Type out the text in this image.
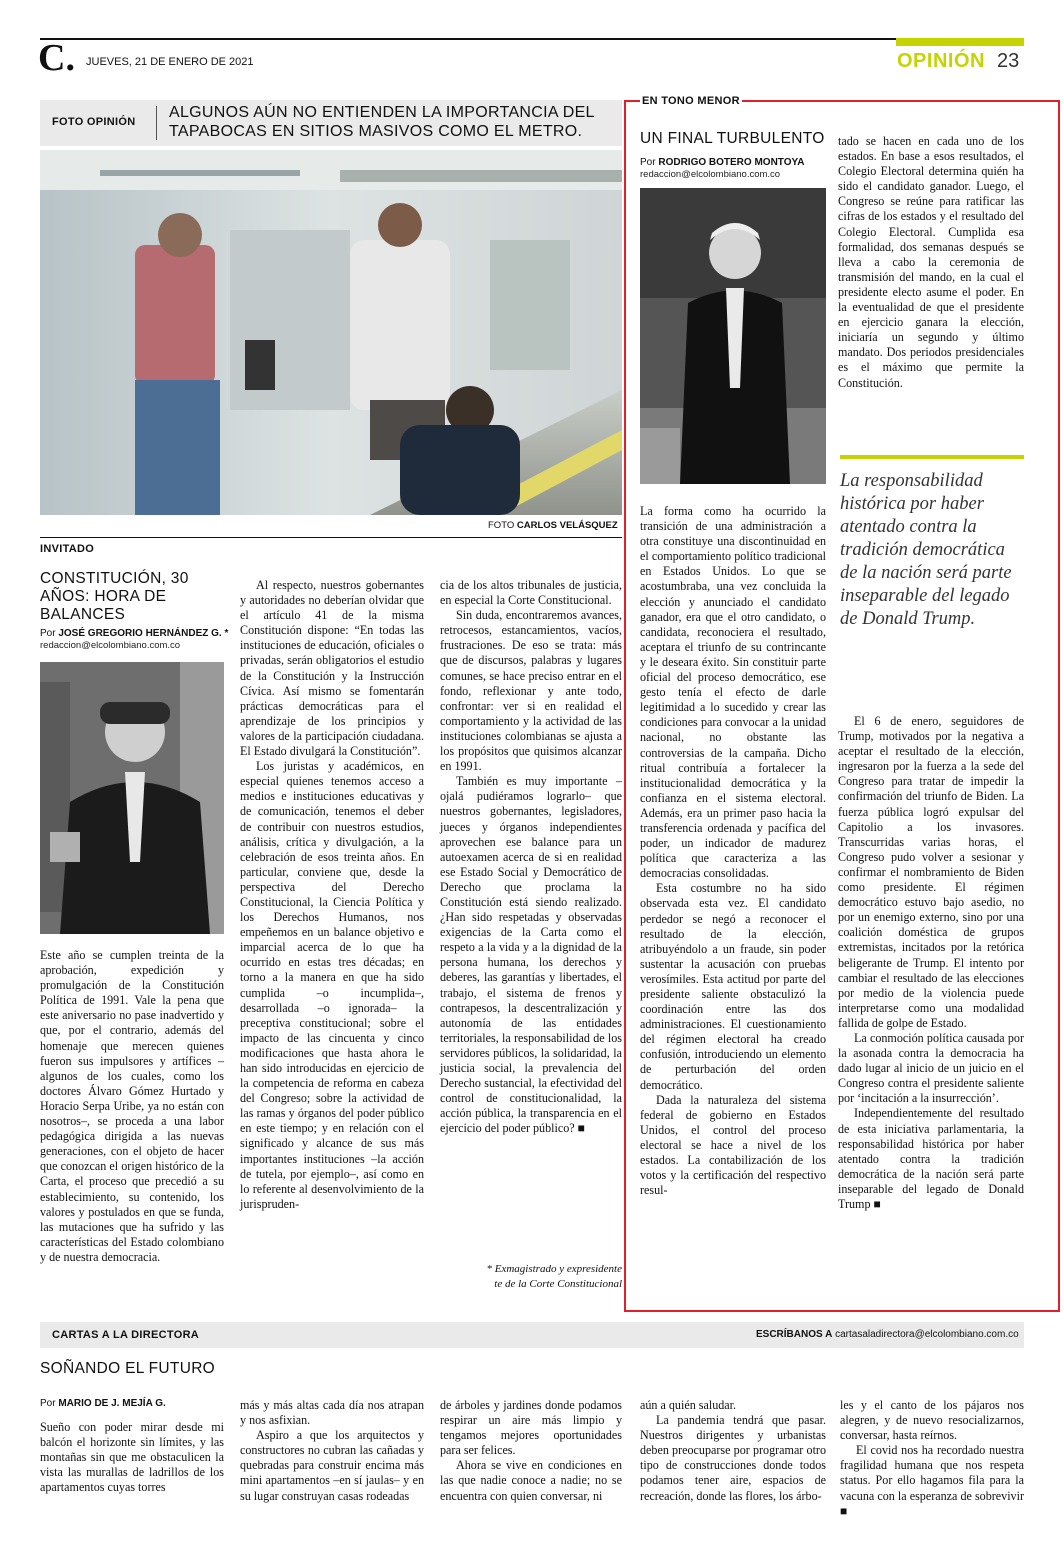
C. JUEVES, 21 DE ENERO DE 2021	OPINIÓN 23
FOTO OPINIÓN
ALGUNOS AÚN NO ENTIENDEN LA IMPORTANCIA DEL
TAPABOCAS EN SITIOS MASIVOS COMO EL METRO.
FOTO CARLOS VELÁSQUEZ
INVITADO
CONSTITUCIÓN, 30
AÑOS: HORA DE
BALANCES
Por JOSÉ GREGORIO HERNÁNDEZ G. *
redaccion@elcolombiano.com.co

Este año se cumplen treinta de la aprobación, expedición y promulgación de la Constitución Política de 1991. Vale la pena que este aniversario no pase inadvertido y que, por el contrario, además del homenaje que merecen quienes fueron sus impulsores y artífices –algunos de los cuales, como los doctores Álvaro Gómez Hurtado y Horacio Serpa Uribe, ya no están con nosotros–, se proceda a una labor pedagógica dirigida a las nuevas generaciones, con el objeto de hacer que conozcan el origen histórico de la Carta, el proceso que precedió a su establecimiento, su contenido, los valores y postulados en que se funda, las mutaciones que ha sufrido y las características del Estado colombiano y de nuestra democracia.

Al respecto, nuestros gobernantes y autoridades no deberían olvidar que el artículo 41 de la misma Constitución dispone: “En todas las instituciones de educación, oficiales o privadas, serán obligatorios el estudio de la Constitución y la Instrucción Cívica. Así mismo se fomentarán prácticas democráticas para el aprendizaje de los principios y valores de la participación ciudadana. El Estado divulgará la Constitución”.

Los juristas y académicos, en especial quienes tenemos acceso a medios e instituciones educativas y de comunicación, tenemos el deber de contribuir con nuestros estudios, análisis, crítica y divulgación, a la celebración de esos treinta años. En particular, conviene que, desde la perspectiva del Derecho Constitucional, la Ciencia Política y los Derechos Humanos, nos empeñemos en un balance objetivo e imparcial acerca de lo que ha ocurrido en estas tres décadas; en torno a la manera en que ha sido cumplida –o incumplida–, desarrollada –o ignorada– la preceptiva constitucional; sobre el impacto de las cincuenta y cinco modificaciones que hasta ahora le han sido introducidas en ejercicio de la competencia de reforma en cabeza del Congreso; sobre la actividad de las ramas y órganos del poder público en este tiempo; y en relación con el significado y alcance de sus más importantes instituciones –la acción de tutela, por ejemplo–, así como en lo referente al desenvolvimiento de la jurispruden-

cia de los altos tribunales de justicia, en especial la Corte Constitucional.

Sin duda, encontraremos avances, retrocesos, estancamientos, vacíos, frustraciones. De eso se trata: más que de discursos, palabras y lugares comunes, se hace preciso entrar en el fondo, reflexionar y ante todo, confrontar: ver si en realidad el comportamiento y la actividad de las instituciones colombianas se ajusta a los propósitos que quisimos alcanzar en 1991.

También es muy importante –ojalá pudiéramos lograrlo– que nuestros gobernantes, legisladores, jueces y órganos independientes aprovechen ese balance para un autoexamen acerca de si en realidad ese Estado Social y Democrático de Derecho que proclama la Constitución está siendo realizado. ¿Han sido respetadas y observadas exigencias de la Carta como el respeto a la vida y a la dignidad de la persona humana, los derechos y deberes, las garantías y libertades, el trabajo, el sistema de frenos y contrapesos, la descentralización y autonomía de las entidades territoriales, la responsabilidad de los servidores públicos, la solidaridad, la justicia social, la prevalencia del Derecho sustancial, la efectividad del control de constitucionalidad, la acción pública, la transparencia en el ejercicio del poder público? ■

* Exmagistrado y expresidente
te de la Corte Constitucional
EN TONO MENOR
UN FINAL TURBULENTO
Por RODRIGO BOTERO MONTOYA
redaccion@elcolombiano.com.co

La forma como ha ocurrido la transición de una administración a otra constituye una discontinuidad en el comportamiento político tradicional en Estados Unidos. Lo que se acostumbraba, una vez concluida la elección y anunciado el candidato ganador, era que el otro candidato, o candidata, reconociera el resultado, aceptara el triunfo de su contrincante y le deseara éxito. Sin constituir parte oficial del proceso democrático, ese gesto tenía el efecto de darle legitimidad a lo sucedido y crear las condiciones para convocar a la unidad nacional, no obstante las controversias de la campaña. Dicho ritual contribuía a fortalecer la institucionalidad democrática y la confianza en el sistema electoral. Además, era un primer paso hacia la transferencia ordenada y pacífica del poder, un indicador de madurez política que caracteriza a las democracias consolidadas.

Esta costumbre no ha sido observada esta vez. El candidato perdedor se negó a reconocer el resultado de la elección, atribuyéndolo a un fraude, sin poder sustentar la acusación con pruebas verosímiles. Esta actitud por parte del presidente saliente obstaculizó la coordinación entre las dos administraciones. El cuestionamiento del régimen electoral ha creado confusión, introduciendo un elemento de perturbación del orden democrático.

Dada la naturaleza del sistema federal de gobierno en Estados Unidos, el control del proceso electoral se hace a nivel de los estados. La contabilización de los votos y la certificación del respectivo resul-

tado se hacen en cada uno de los estados. En base a esos resultados, el Colegio Electoral determina quién ha sido el candidato ganador. Luego, el Congreso se reúne para ratificar las cifras de los estados y el resultado del Colegio Electoral. Cumplida esa formalidad, dos semanas después se lleva a cabo la ceremonia de transmisión del mando, en la cual el presidente electo asume el poder. En la eventualidad de que el presidente en ejercicio ganara la elección, iniciaría un segundo y último mandato. Dos periodos presidenciales es el máximo que permite la Constitución.

La responsabilidad histórica por haber atentado contra la tradición democrática de la nación será parte inseparable del legado de Donald Trump.

El 6 de enero, seguidores de Trump, motivados por la negativa a aceptar el resultado de la elección, ingresaron por la fuerza a la sede del Congreso para tratar de impedir la confirmación del triunfo de Biden. La fuerza pública logró expulsar del Capitolio a los invasores. Transcurridas varias horas, el Congreso pudo volver a sesionar y confirmar el nombramiento de Biden como presidente. El régimen democrático estuvo bajo asedio, no por un enemigo externo, sino por una coalición doméstica de grupos extremistas, incitados por la retórica beligerante de Trump. El intento por cambiar el resultado de las elecciones por medio de la violencia puede interpretarse como una modalidad fallida de golpe de Estado.

La conmoción política causada por la asonada contra la democracia ha dado lugar al inicio de un juicio en el Congreso contra el presidente saliente por ‘incitación a la insurrección’.

Independientemente del resultado de esta iniciativa parlamentaria, la responsabilidad histórica por haber atentado contra la tradición democrática de la nación será parte inseparable del legado de Donald Trump ■

CARTAS A LA DIRECTORA	ESCRÍBANOS A cartasaladirectora@elcolombiano.com.co
SOÑANDO EL FUTURO
Por MARIO DE J. MEJÍA G.

Sueño con poder mirar desde mi balcón el horizonte sin límites, y las montañas sin que me obstaculicen la vista las murallas de ladrillos de los apartamentos cuyas torres

más y más altas cada día nos atrapan y nos asfixian.

Aspiro a que los arquitectos y constructores no cubran las cañadas y quebradas para construir encima más mini apartamentos –en sí jaulas– y en su lugar construyan casas rodeadas

de árboles y jardines donde podamos respirar un aire más limpio y tengamos mejores oportunidades para ser felices.

Ahora se vive en condiciones en las que nadie conoce a nadie; no se encuentra con quien conversar, ni

aún a quién saludar.

La pandemia tendrá que pasar. Nuestros dirigentes y urbanistas deben preocuparse por programar otro tipo de construcciones donde todos podamos tener aire, espacios de recreación, donde las flores, los árbo-

les y el canto de los pájaros nos alegren, y de nuevo resocializarnos, conversar, hasta reírnos.

El covid nos ha recordado nuestra fragilidad humana que nos respeta status. Por ello hagamos fila para la vacuna con la esperanza de sobrevivir ■
